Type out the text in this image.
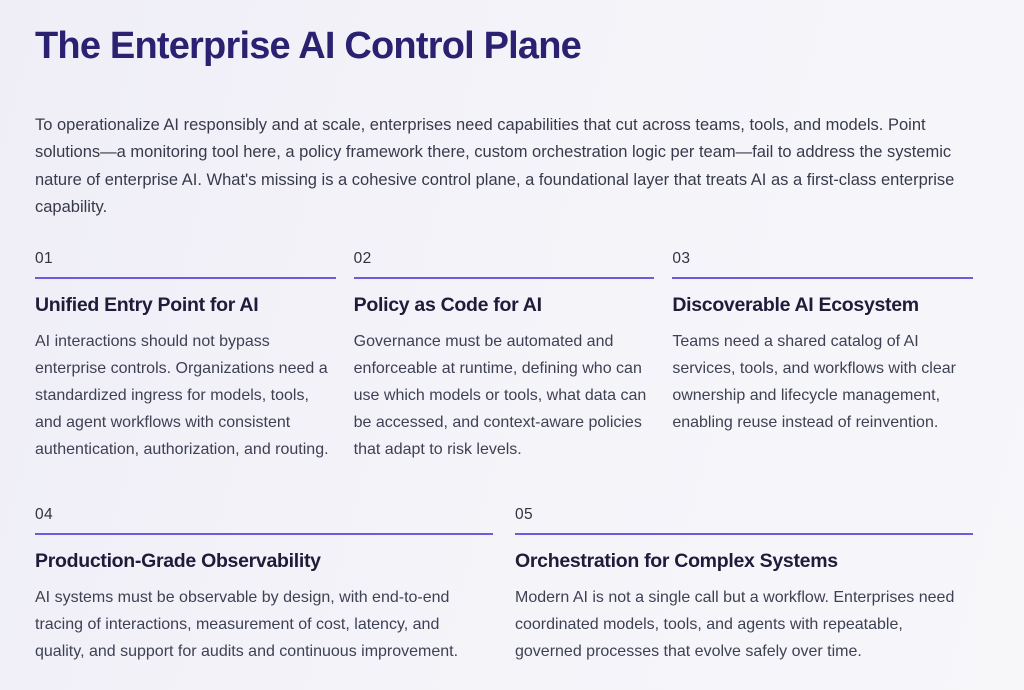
The Enterprise AI Control Plane

To operationalize AI responsibly and at scale, enterprises need capabilities that cut across teams, tools, and models. Point solutions—a monitoring tool here, a policy framework there, custom orchestration logic per team—fail to address the systemic nature of enterprise AI. What's missing is a cohesive control plane, a foundational layer that treats AI as a first-class enterprise capability.

01
Unified Entry Point for AI

AI interactions should not bypass enterprise controls. Organizations need a standardized ingress for models, tools, and agent workflows with consistent authentication, authorization, and routing.

02
Policy as Code for AI

Governance must be automated and enforceable at runtime, defining who can use which models or tools, what data can be accessed, and context-aware policies that adapt to risk levels.

03
Discoverable AI Ecosystem

Teams need a shared catalog of AI services, tools, and workflows with clear ownership and lifecycle management, enabling reuse instead of reinvention.

04
Production-Grade Observability

AI systems must be observable by design, with end-to-end tracing of interactions, measurement of cost, latency, and quality, and support for audits and continuous improvement.

05
Orchestration for Complex Systems

Modern AI is not a single call but a workflow. Enterprises need coordinated models, tools, and agents with repeatable, governed processes that evolve safely over time.
